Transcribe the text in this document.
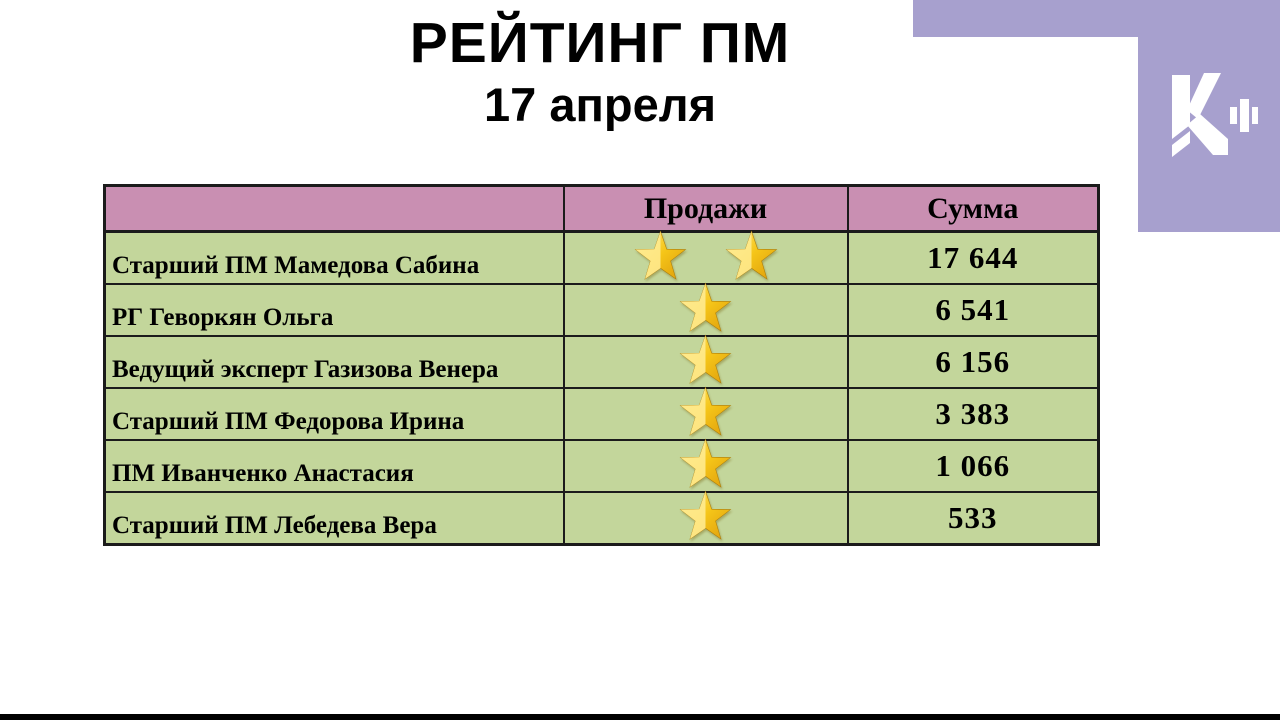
РЕЙТИНГ ПМ
17 апреля
	Продажи	Сумма
Старший ПМ Мамедова Сабина		17 644
РГ Геворкян Ольга		6 541
Ведущий эксперт Газизова Венера		6 156
Старший ПМ Федорова Ирина		3 383
ПМ Иванченко Анастасия		1 066
Старший ПМ Лебедева Вера		533
